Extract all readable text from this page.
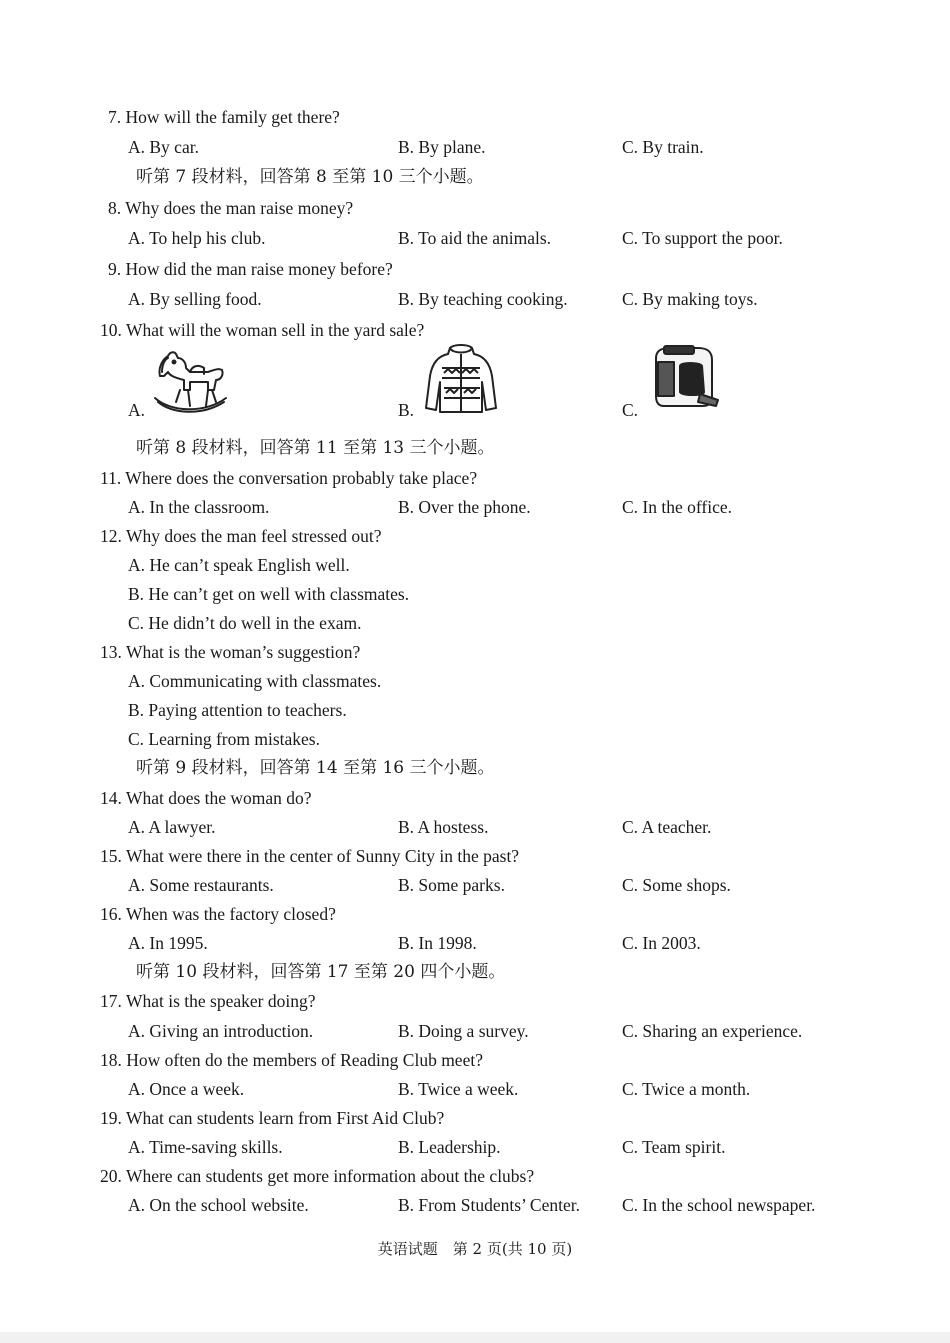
7. How will the family get there?
A. By car.	B. By plane.	C. By train.
听第 7 段材料，回答第 8 至第 10 三个小题。
8. Why does the man raise money?
A. To help his club.	B. To aid the animals.	C. To support the poor.
9. How did the man raise money before?
A. By selling food.	B. By teaching cooking.	C. By making toys.
10. What will the woman sell in the yard sale?
A.	B.	C.
听第 8 段材料，回答第 11 至第 13 三个小题。
11. Where does the conversation probably take place?
A. In the classroom.	B. Over the phone.	C. In the office.
12. Why does the man feel stressed out?
A. He can’t speak English well.
B. He can’t get on well with classmates.
C. He didn’t do well in the exam.
13. What is the woman’s suggestion?
A. Communicating with classmates.
B. Paying attention to teachers.
C. Learning from mistakes.
听第 9 段材料，回答第 14 至第 16 三个小题。
14. What does the woman do?
A. A lawyer.	B. A hostess.	C. A teacher.
15. What were there in the center of Sunny City in the past?
A. Some restaurants.	B. Some parks.	C. Some shops.
16. When was the factory closed?
A. In 1995.	B. In 1998.	C. In 2003.
听第 10 段材料，回答第 17 至第 20 四个小题。
17. What is the speaker doing?
A. Giving an introduction.	B. Doing a survey.	C. Sharing an experience.
18. How often do the members of Reading Club meet?
A. Once a week.	B. Twice a week.	C. Twice a month.
19. What can students learn from First Aid Club?
A. Time-saving skills.	B. Leadership.	C. Team spirit.
20. Where can students get more information about the clubs?
A. On the school website.	B. From Students’ Center. C. In the school newspaper.
英语试题　第 2 页(共 10 页)
